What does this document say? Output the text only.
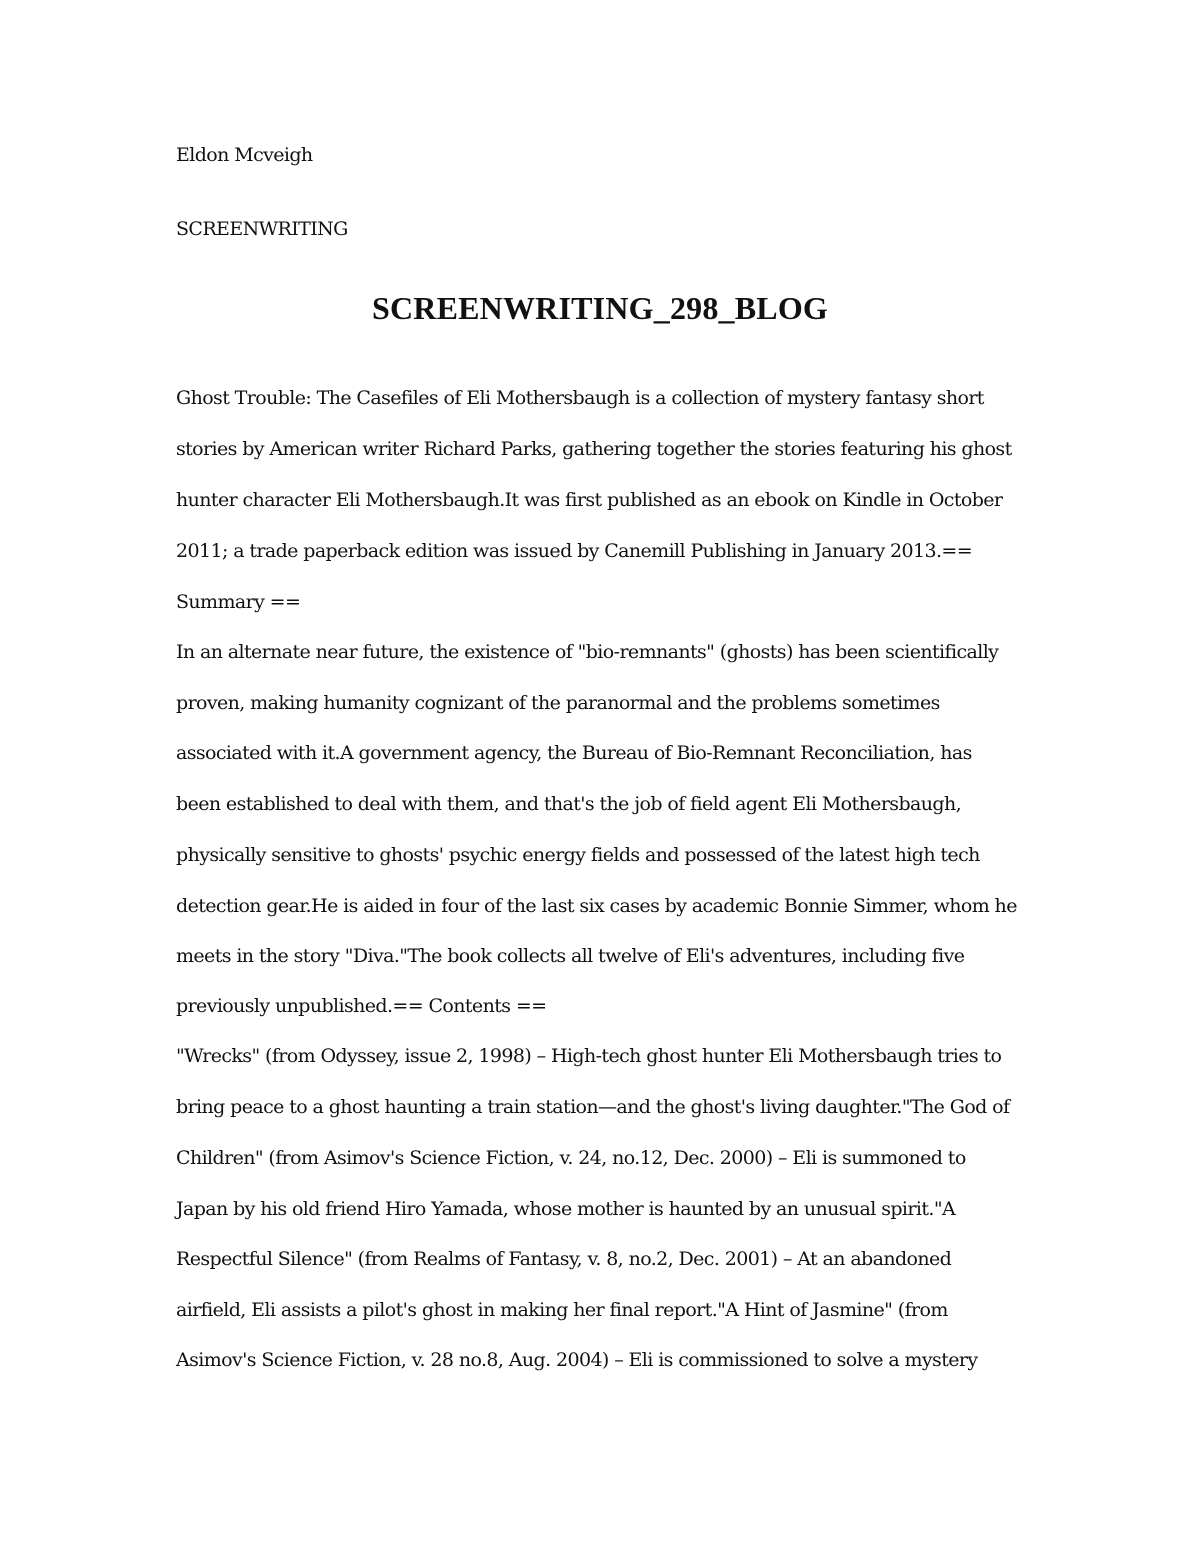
Eldon Mcveigh
SCREENWRITING
SCREENWRITING_298_BLOG
Ghost Trouble: The Casefiles of Eli Mothersbaugh is a collection of mystery fantasy short
stories by American writer Richard Parks, gathering together the stories featuring his ghost
hunter character Eli Mothersbaugh.It was first published as an ebook on Kindle in October
2011; a trade paperback edition was issued by Canemill Publishing in January 2013.==
Summary ==
In an alternate near future, the existence of "bio-remnants" (ghosts) has been scientifically
proven, making humanity cognizant of the paranormal and the problems sometimes
associated with it.A government agency, the Bureau of Bio-Remnant Reconciliation, has
been established to deal with them, and that's the job of field agent Eli Mothersbaugh,
physically sensitive to ghosts' psychic energy fields and possessed of the latest high tech
detection gear.He is aided in four of the last six cases by academic Bonnie Simmer, whom he
meets in the story "Diva."The book collects all twelve of Eli's adventures, including five
previously unpublished.== Contents ==
"Wrecks" (from Odyssey, issue 2, 1998) – High-tech ghost hunter Eli Mothersbaugh tries to
bring peace to a ghost haunting a train station—and the ghost's living daughter."The God of
Children" (from Asimov's Science Fiction, v. 24, no.12, Dec. 2000) – Eli is summoned to
Japan by his old friend Hiro Yamada, whose mother is haunted by an unusual spirit."A
Respectful Silence" (from Realms of Fantasy, v. 8, no.2, Dec. 2001) – At an abandoned
airfield, Eli assists a pilot's ghost in making her final report."A Hint of Jasmine" (from
Asimov's Science Fiction, v. 28 no.8, Aug. 2004) – Eli is commissioned to solve a mystery
